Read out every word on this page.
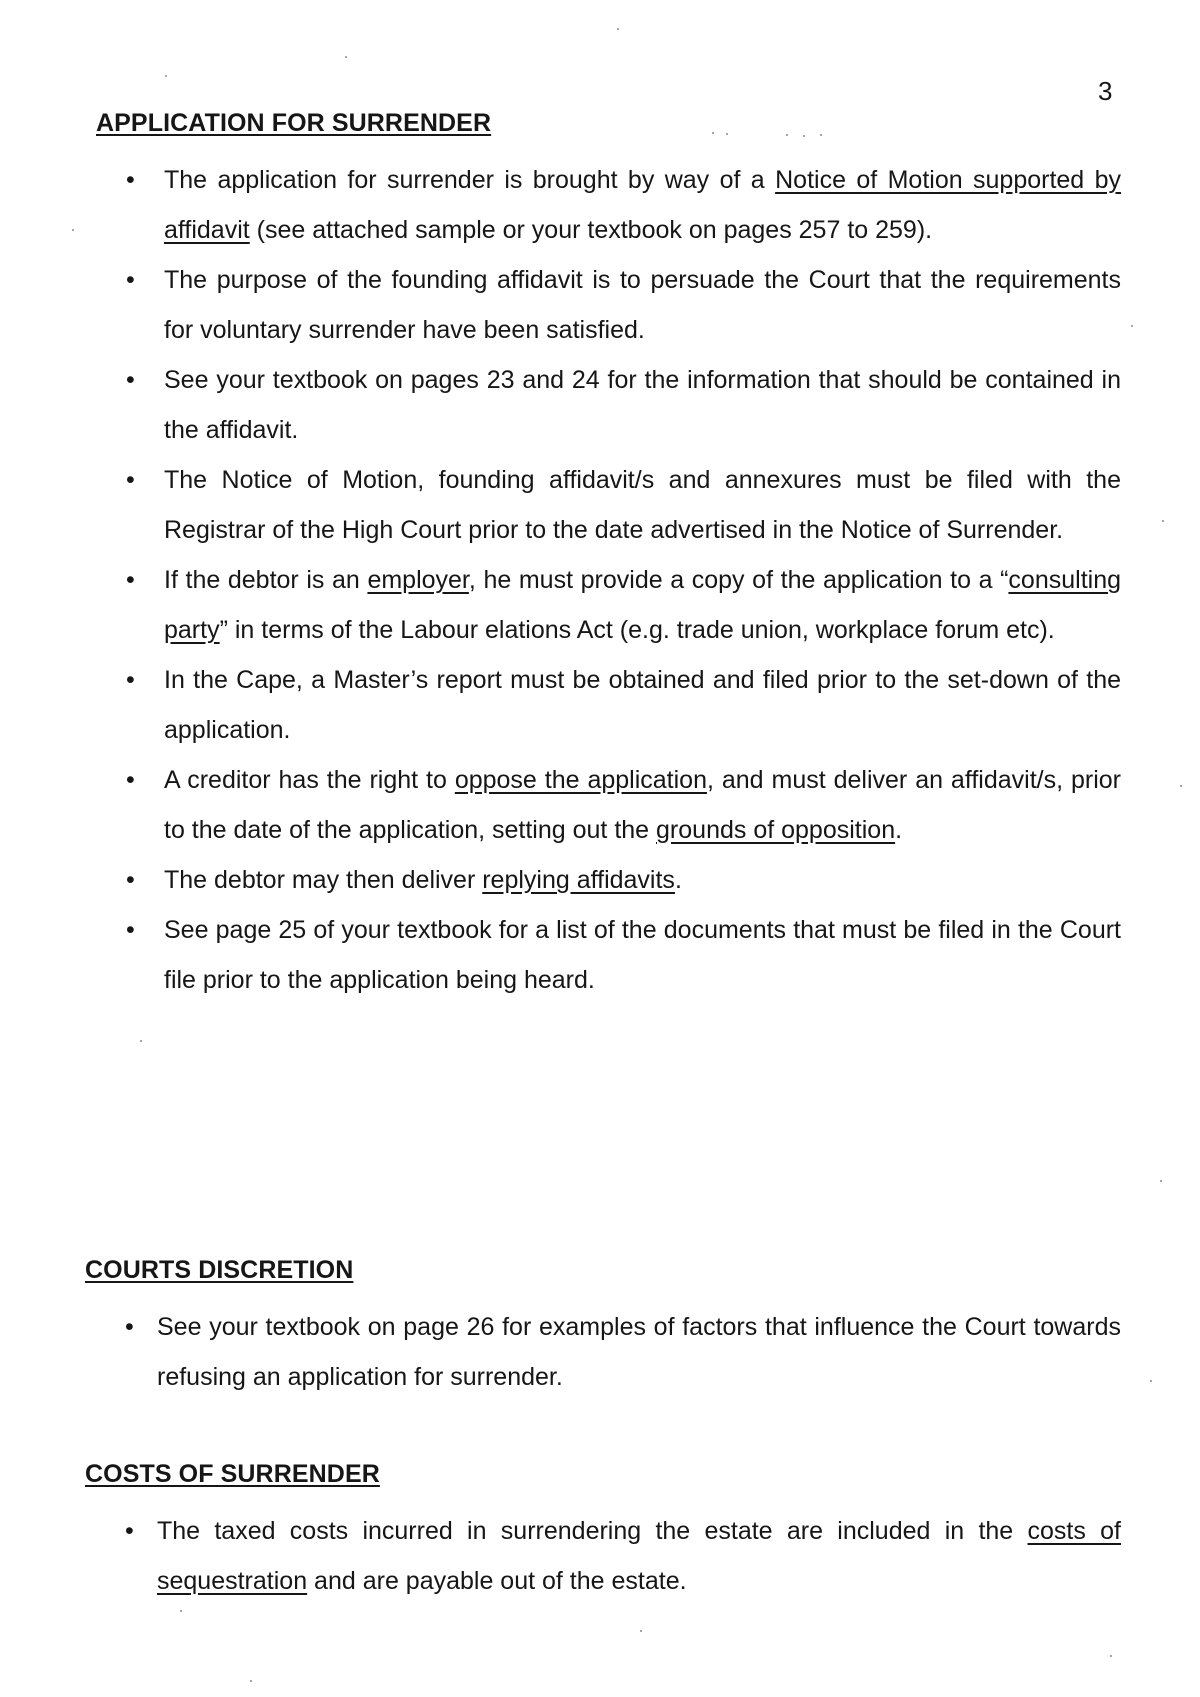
3
APPLICATION FOR SURRENDER
• The application for surrender is brought by way of a Notice of Motion supported by affidavit (see attached sample or your textbook on pages 257 to 259).
• The purpose of the founding affidavit is to persuade the Court that the requirements for voluntary surrender have been satisfied.
• See your textbook on pages 23 and 24 for the information that should be contained in the affidavit.
• The Notice of Motion, founding affidavit/s and annexures must be filed with the Registrar of the High Court prior to the date advertised in the Notice of Surrender.
• If the debtor is an employer, he must provide a copy of the application to a “consulting party” in terms of the Labour elations Act (e.g. trade union, workplace forum etc).
• In the Cape, a Master’s report must be obtained and filed prior to the set-down of the application.
• A creditor has the right to oppose the application, and must deliver an affidavit/s, prior to the date of the application, setting out the grounds of opposition.
• The debtor may then deliver replying affidavits.
• See page 25 of your textbook for a list of the documents that must be filed in the Court file prior to the application being heard.
COURTS DISCRETION
• See your textbook on page 26 for examples of factors that influence the Court towards refusing an application for surrender.
COSTS OF SURRENDER
• The taxed costs incurred in surrendering the estate are included in the costs of sequestration and are payable out of the estate.
